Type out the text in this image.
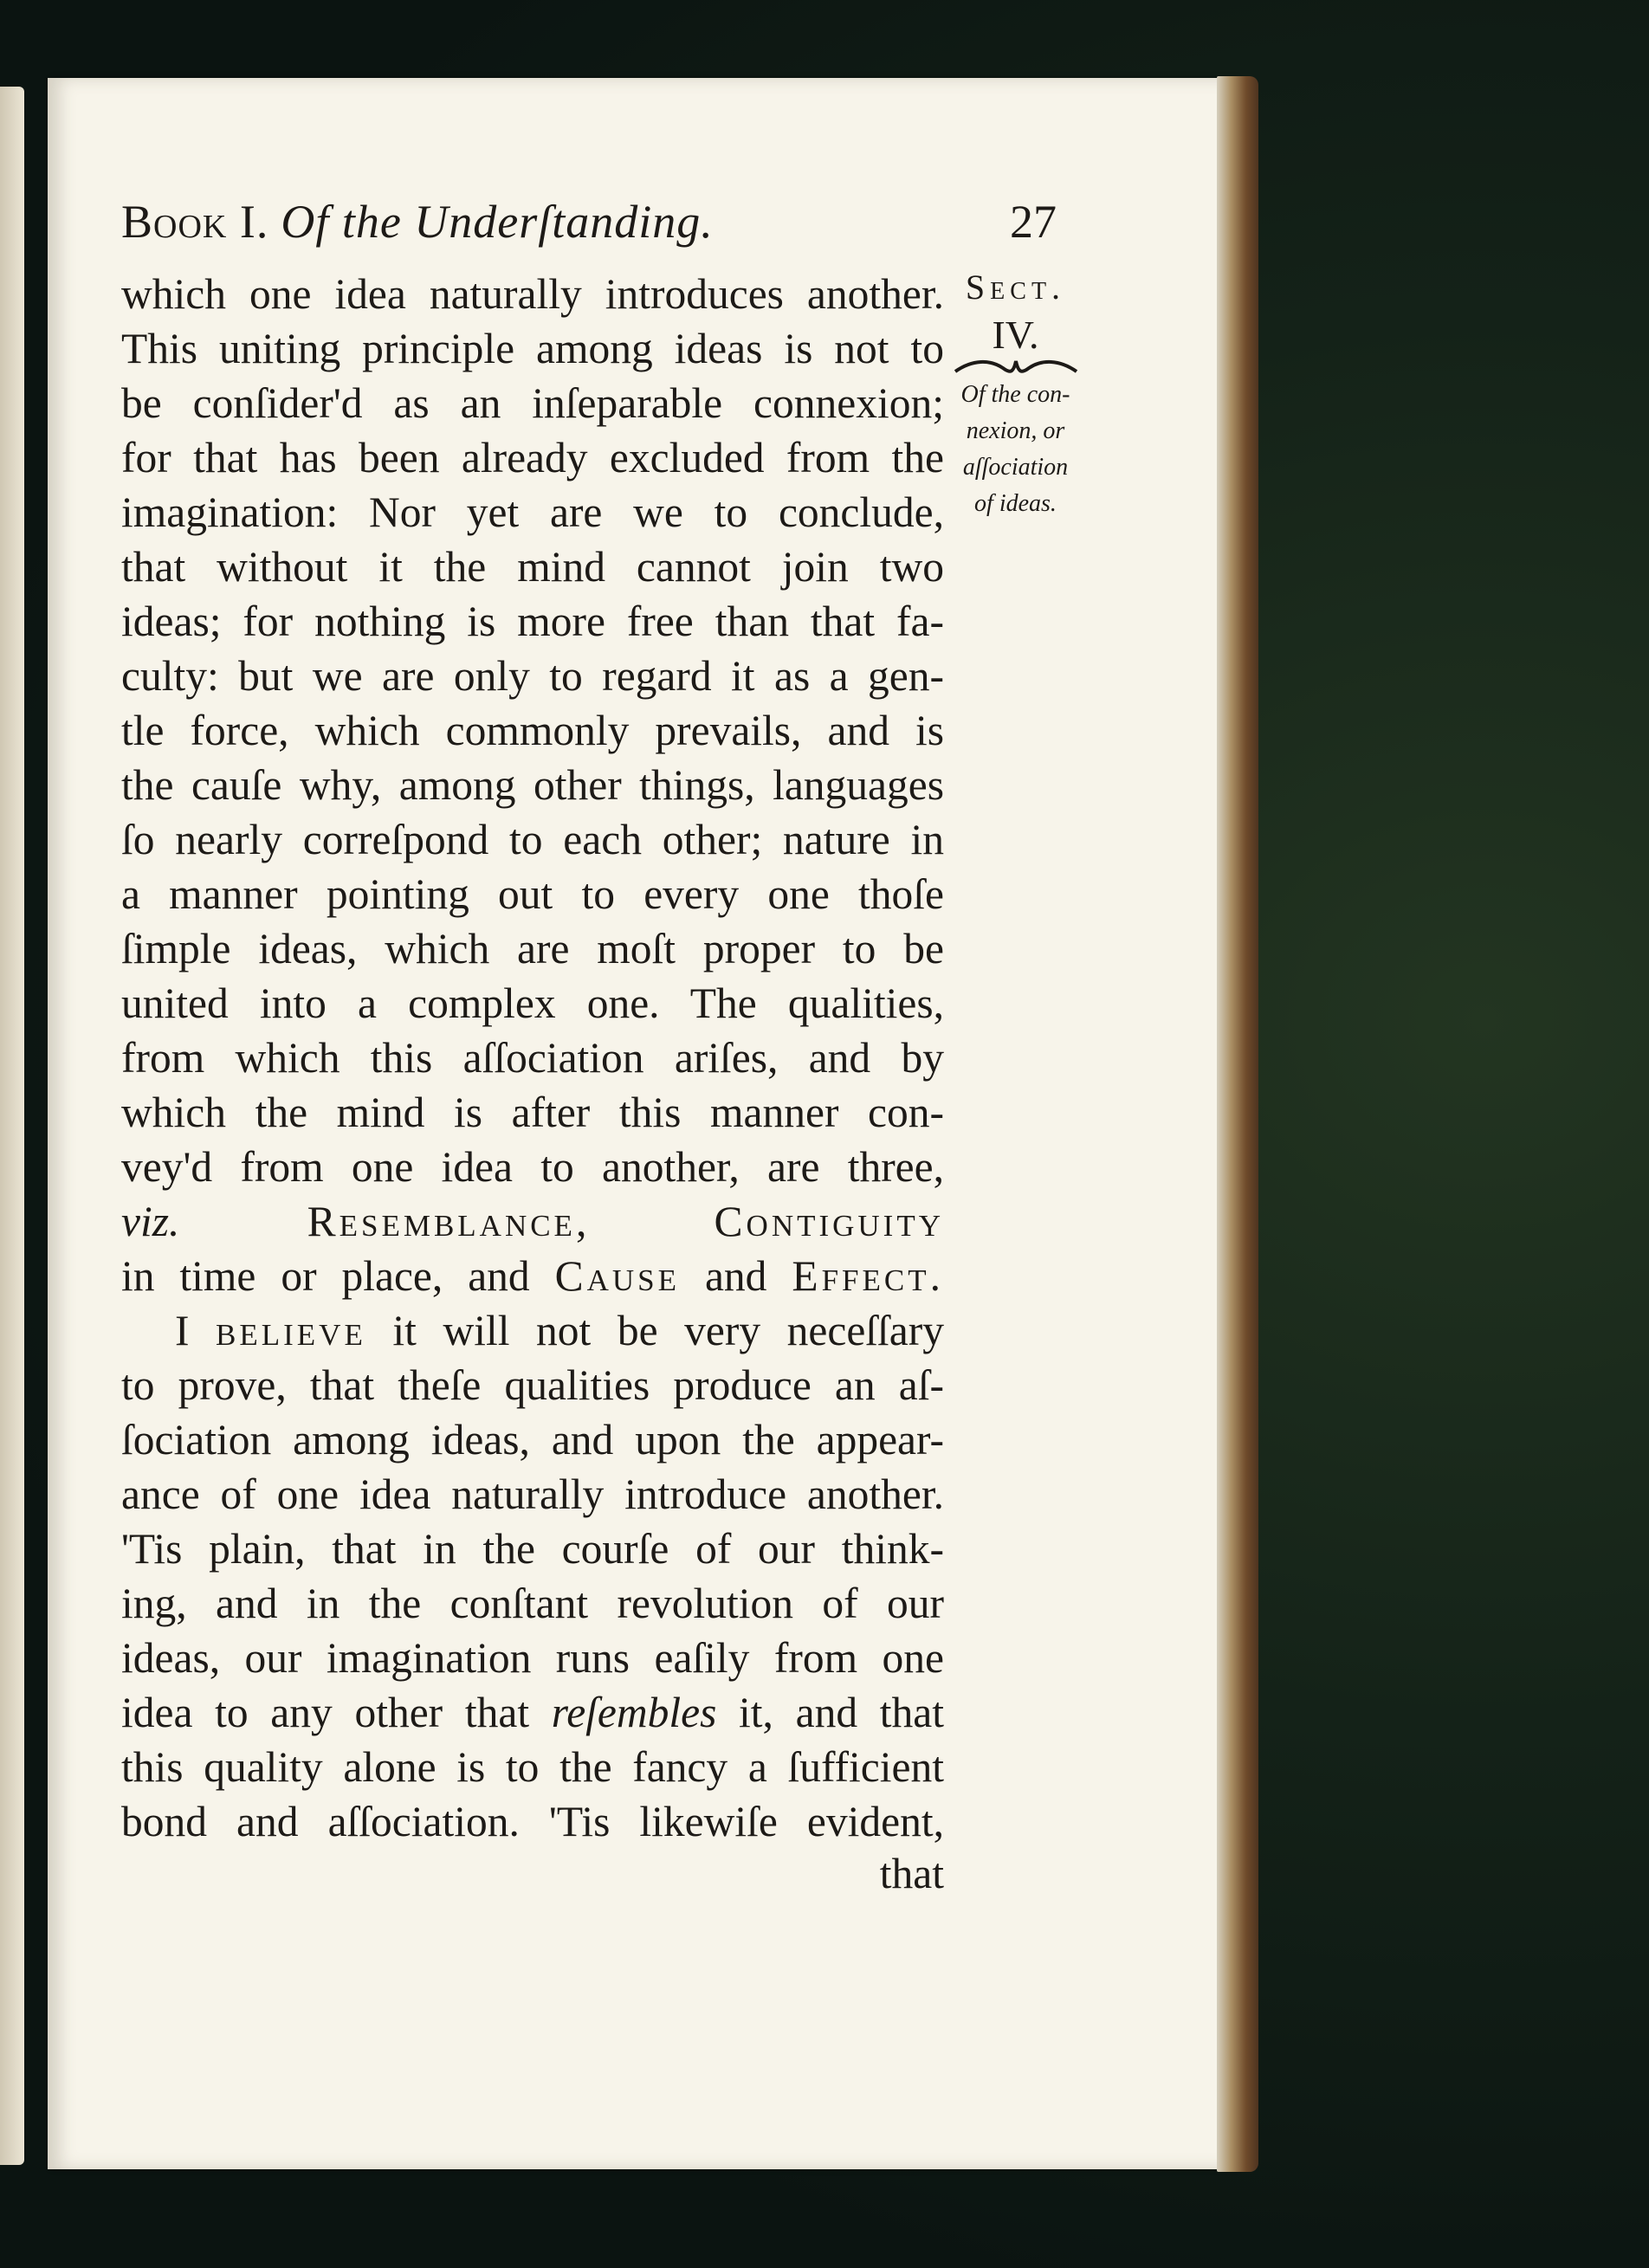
Book I. Of the Underſtanding.	27
which one idea naturally introduces another.
This uniting principle among ideas is not to
be conſider'd as an inſeparable connexion;
for that has been already excluded from the
imagination: Nor yet are we to conclude,
that without it the mind cannot join two
ideas; for nothing is more free than that fa-
culty: but we are only to regard it as a gen-
tle force, which commonly prevails, and is
the cauſe why, among other things, languages
ſo nearly correſpond to each other; nature in
a manner pointing out to every one thoſe
ſimple ideas, which are moſt proper to be
united into a complex one. The qualities,
from which this aſſociation ariſes, and by
which the mind is after this manner con-
vey'd from one idea to another, are three,
viz.	Resemblance, Contiguity
in time or place, and Cause and Effect.
I believe it will not be very neceſſary
to prove, that theſe qualities produce an aſ-
ſociation among ideas, and upon the appear-
ance of one idea naturally introduce another.
'Tis plain, that in the courſe of our think-
ing, and in the conſtant revolution of our
ideas, our imagination runs eaſily from one
idea to any other that reſembles it, and that
this quality alone is to the fancy a ſufficient
bond and aſſociation. 'Tis likewiſe evident,
that
Sect.
IV.
Of the con-
nexion, or
aſſociation
of ideas.
